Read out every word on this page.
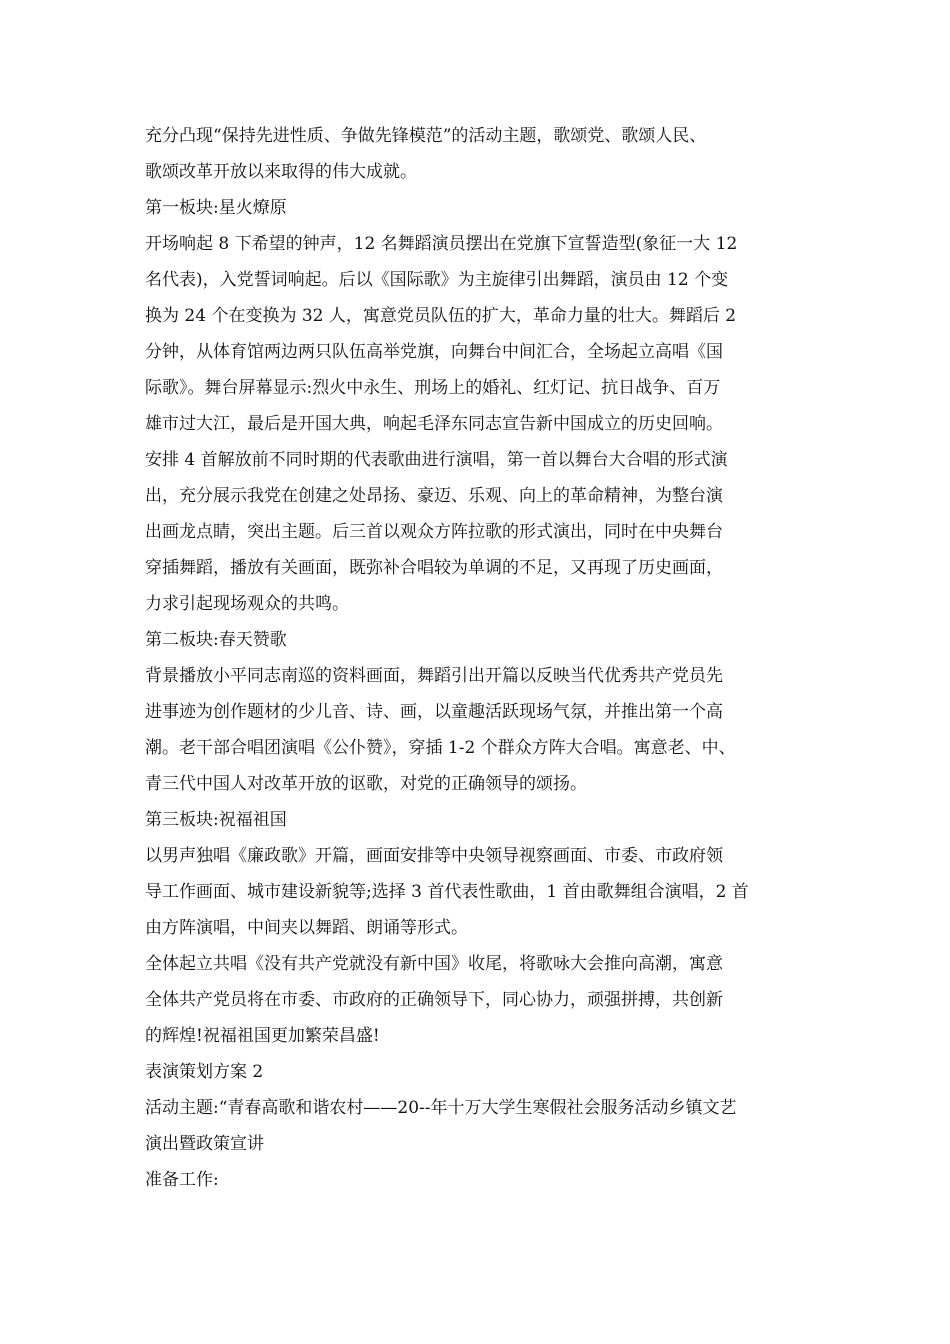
充分凸现“保持先进性质、争做先锋模范”的活动主题，歌颂党、歌颂人民、

歌颂改革开放以来取得的伟大成就。

第一板块:星火燎原

开场响起 8 下希望的钟声，12 名舞蹈演员摆出在党旗下宣誓造型(象征一大 12

名代表)，入党誓词响起。后以《国际歌》为主旋律引出舞蹈，演员由 12 个变

换为 24 个在变换为 32 人，寓意党员队伍的扩大，革命力量的壮大。舞蹈后 2

分钟，从体育馆两边两只队伍高举党旗，向舞台中间汇合，全场起立高唱《国

际歌》。舞台屏幕显示:烈火中永生、刑场上的婚礼、红灯记、抗日战争、百万

雄市过大江，最后是开国大典，响起毛泽东同志宣告新中国成立的历史回响。

安排 4 首解放前不同时期的代表歌曲进行演唱，第一首以舞台大合唱的形式演

出，充分展示我党在创建之处昂扬、豪迈、乐观、向上的革命精神，为整台演

出画龙点睛，突出主题。后三首以观众方阵拉歌的形式演出，同时在中央舞台

穿插舞蹈，播放有关画面，既弥补合唱较为单调的不足，又再现了历史画面，

力求引起现场观众的共鸣。

第二板块:春天赞歌

背景播放小平同志南巡的资料画面，舞蹈引出开篇以反映当代优秀共产党员先

进事迹为创作题材的少儿音、诗、画，以童趣活跃现场气氛，并推出第一个高

潮。老干部合唱团演唱《公仆赞》，穿插 1-2 个群众方阵大合唱。寓意老、中、

青三代中国人对改革开放的讴歌，对党的正确领导的颂扬。

第三板块:祝福祖国

以男声独唱《廉政歌》开篇，画面安排等中央领导视察画面、市委、市政府领

导工作画面、城市建设新貌等;选择 3 首代表性歌曲，1 首由歌舞组合演唱，2 首

由方阵演唱，中间夹以舞蹈、朗诵等形式。

全体起立共唱《没有共产党就没有新中国》收尾，将歌咏大会推向高潮，寓意

全体共产党员将在市委、市政府的正确领导下，同心协力，顽强拼搏，共创新

的辉煌!祝福祖国更加繁荣昌盛!

表演策划方案 2

活动主题:“青春高歌和谐农村——20--年十万大学生寒假社会服务活动乡镇文艺

演出暨政策宣讲

准备工作:
